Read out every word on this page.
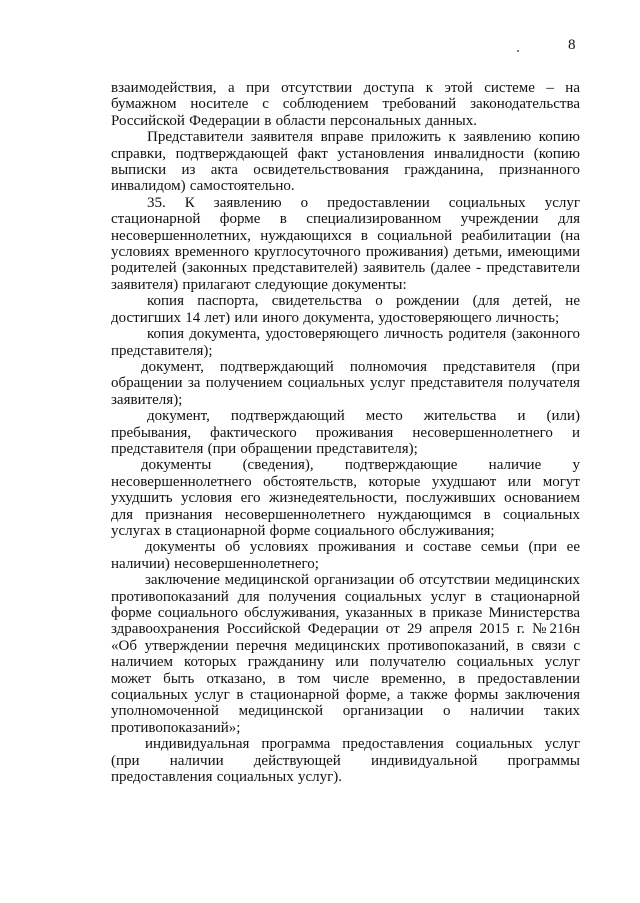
8

взаимодействия, а при отсутствии доступа к этой системе – на бумажном носителе с соблюдением требований законодательства Российской Федерации в области персональных данных.

Представители заявителя вправе приложить к заявлению копию справки, подтверждающей факт установления инвалидности (копию выписки из акта освидетельствования гражданина, признанного инвалидом) самостоятельно.

35. К заявлению о предоставлении социальных услуг стационарной форме в специализированном учреждении для несовершеннолетних, нуждающихся в социальной реабилитации (на условиях временного круглосуточного проживания) детьми, имеющими родителей (законных представителей) заявитель (далее - представители заявителя) прилагают следующие документы:

копия паспорта, свидетельства о рождении (для детей, не достигших 14 лет) или иного документа, удостоверяющего личность;

копия документа, удостоверяющего личность родителя (законного представителя);

документ, подтверждающий полномочия представителя (при обращении за получением социальных услуг представителя получателя заявителя);

документ, подтверждающий место жительства и (или) пребывания, фактического проживания несовершеннолетнего и представителя (при обращении представителя);

документы (сведения), подтверждающие наличие у несовершеннолетнего обстоятельств, которые ухудшают или могут ухудшить условия его жизнедеятельности, послуживших основанием для признания несовершеннолетнего нуждающимся в социальных услугах в стационарной форме социального обслуживания;

документы об условиях проживания и составе семьи (при ее наличии) несовершеннолетнего;

заключение медицинской организации об отсутствии медицинских противопоказаний для получения социальных услуг в стационарной форме социального обслуживания, указанных в приказе Министерства здравоохранения Российской Федерации от 29 апреля 2015 г. №216н «Об утверждении перечня медицинских противопоказаний, в связи с наличием которых гражданину или получателю социальных услуг может быть отказано, в том числе временно, в предоставлении социальных услуг в стационарной форме, а также формы заключения уполномоченной медицинской организации о наличии таких противопоказаний»;

индивидуальная программа предоставления социальных услуг (при наличии действующей индивидуальной программы предоставления социальных услуг).
